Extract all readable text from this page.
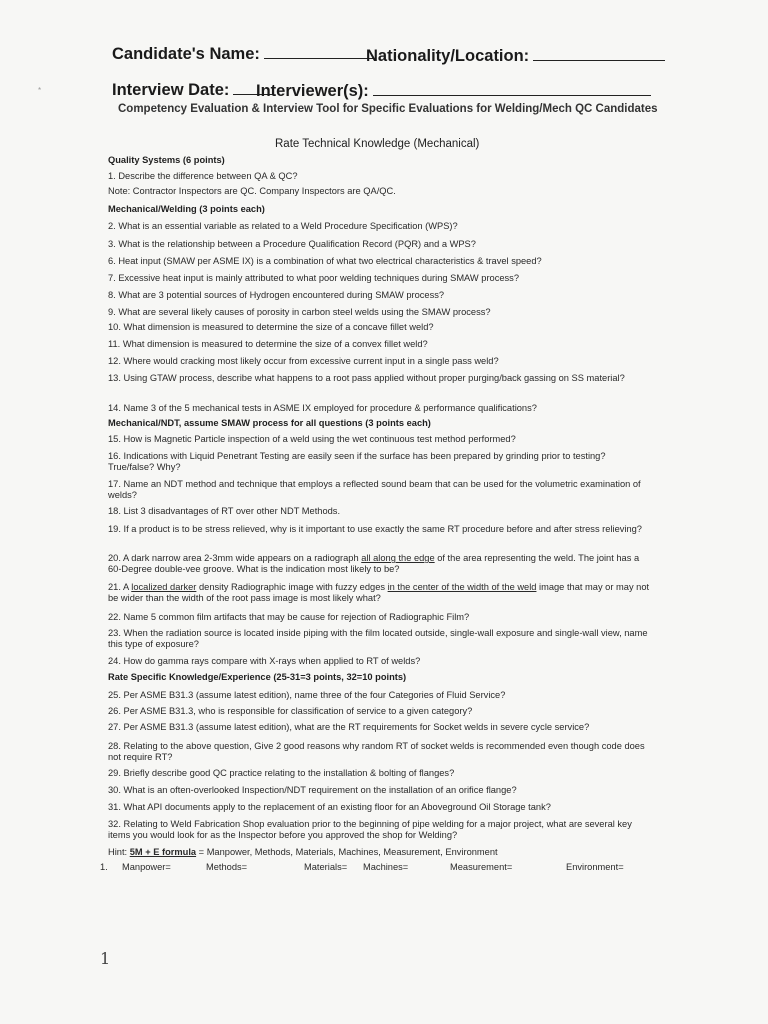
Candidate's Name:	Nationality/Location:
Interview Date:	Interviewer(s):
*
Competency Evaluation & Interview Tool for Specific Evaluations for Welding/Mech QC Candidates
Rate Technical Knowledge (Mechanical)
Quality Systems (6 points)
1. Describe the difference between QA & QC?
Note: Contractor Inspectors are QC. Company Inspectors are QA/QC.
Mechanical/Welding (3 points each)
2. What is an essential variable as related to a Weld Procedure Specification (WPS)?
3. What is the relationship between a Procedure Qualification Record (PQR) and a WPS?
6. Heat input (SMAW per ASME IX) is a combination of what two electrical characteristics & travel speed?
7. Excessive heat input is mainly attributed to what poor welding techniques during SMAW process?
8. What are 3 potential sources of Hydrogen encountered during SMAW process?
9. What are several likely causes of porosity in carbon steel welds using the SMAW process?
10. What dimension is measured to determine the size of a concave fillet weld?
11. What dimension is measured to determine the size of a convex fillet weld?
12. Where would cracking most likely occur from excessive current input in a single pass weld?
13. Using GTAW process, describe what happens to a root pass applied without proper purging/back gassing on SS material?
14. Name 3 of the 5 mechanical tests in ASME IX employed for procedure & performance qualifications?
Mechanical/NDT, assume SMAW process for all questions (3 points each)
15. How is Magnetic Particle inspection of a weld using the wet continuous test method performed?
16. Indications with Liquid Penetrant Testing are easily seen if the surface has been prepared by grinding prior to testing? True/false? Why?
17. Name an NDT method and technique that employs a reflected sound beam that can be used for the volumetric examination of welds?
18. List 3 disadvantages of RT over other NDT Methods.
19. If a product is to be stress relieved, why is it important to use exactly the same RT procedure before and after stress relieving?
20. A dark narrow area 2-3mm wide appears on a radiograph all along the edge of the area representing the weld. The joint has a 60-Degree double-vee groove. What is the indication most likely to be?
21. A localized darker density Radiographic image with fuzzy edges in the center of the width of the weld image that may or may not be wider than the width of the root pass image is most likely what?
22. Name 5 common film artifacts that may be cause for rejection of Radiographic Film?
23. When the radiation source is located inside piping with the film located outside, single-wall exposure and single-wall view, name this type of exposure?
24. How do gamma rays compare with X-rays when applied to RT of welds?
Rate Specific Knowledge/Experience (25-31=3 points, 32=10 points)
25. Per ASME B31.3 (assume latest edition), name three of the four Categories of Fluid Service?
26. Per ASME B31.3, who is responsible for classification of service to a given category?
27. Per ASME B31.3 (assume latest edition), what are the RT requirements for Socket welds in severe cycle service?
28. Relating to the above question, Give 2 good reasons why random RT of socket welds is recommended even though code does not require RT?
29. Briefly describe good QC practice relating to the installation & bolting of flanges?
30. What is an often-overlooked Inspection/NDT requirement on the installation of an orifice flange?
31. What API documents apply to the replacement of an existing floor for an Aboveground Oil Storage tank?
32. Relating to Weld Fabrication Shop evaluation prior to the beginning of pipe welding for a major project, what are several key items you would look for as the Inspector before you approved the shop for Welding?
Hint: 5M + E formula = Manpower, Methods, Materials, Machines, Measurement, Environment
1. Manpower=	Methods=	Materials= Machines=	Measurement=	Environment=
1
